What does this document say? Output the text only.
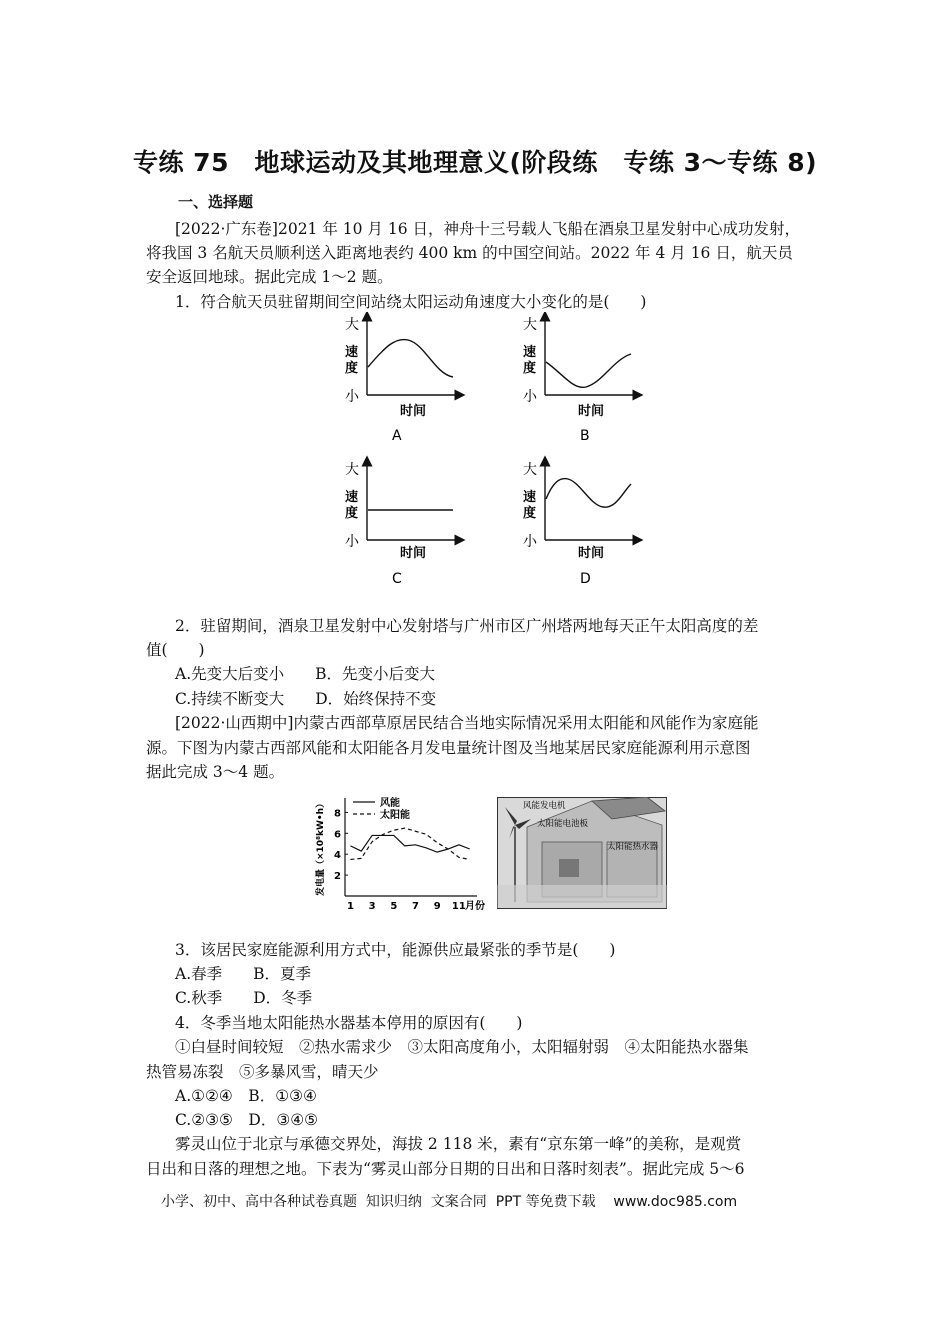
专练 75　地球运动及其地理意义(阶段练　专练 3～专练 8)
一、选择题
[2022·广东卷]2021 年 10 月 16 日，神舟十三号载人飞船在酒泉卫星发射中心成功发射，
将我国 3 名航天员顺利送入距离地表约 400 km 的中国空间站。2022 年 4 月 16 日，航天员
安全返回地球。据此完成 1～2 题。
1．符合航天员驻留期间空间站绕太阳运动角速度大小变化的是(　　)
大
小
速度
时间
A
大
小
速度
时间
B
大
小
速度
时间
C
大
小
速度
时间
D
2．驻留期间，酒泉卫星发射中心发射塔与广州市区广州塔两地每天正午太阳高度的差
值(　　)
A.先变大后变小　　B．先变小后变大
C.持续不断变大　　D．始终保持不变
[2022·山西期中]内蒙古西部草原居民结合当地实际情况采用太阳能和风能作为家庭能
源。下图为内蒙古西部风能和太阳能各月发电量统计图及当地某居民家庭能源利用示意图
据此完成 3～4 题。
2
4
6
8
1 3 5 7 9 11 月份
发电量（×10⁸kW•h）	风能
太阳能
风能发电机
太阳能电池板
太阳能热水器
3．该居民家庭能源利用方式中，能源供应最紧张的季节是(　　)
A.春季　　B．夏季
C.秋季　　D．冬季
4．冬季当地太阳能热水器基本停用的原因有(　　)
①白昼时间较短　②热水需求少　③太阳高度角小，太阳辐射弱　④太阳能热水器集
热管易冻裂　⑤多暴风雪，晴天少
A.①②④　B．①③④
C.②③⑤　D．③④⑤
雾灵山位于北京与承德交界处，海拔 2 118 米，素有“京东第一峰”的美称，是观赏
日出和日落的理想之地。下表为“雾灵山部分日期的日出和日落时刻表”。据此完成 5～6
小学、初中、高中各种试卷真题  知识归纳  文案合同  PPT 等免费下载    www.doc985.com
